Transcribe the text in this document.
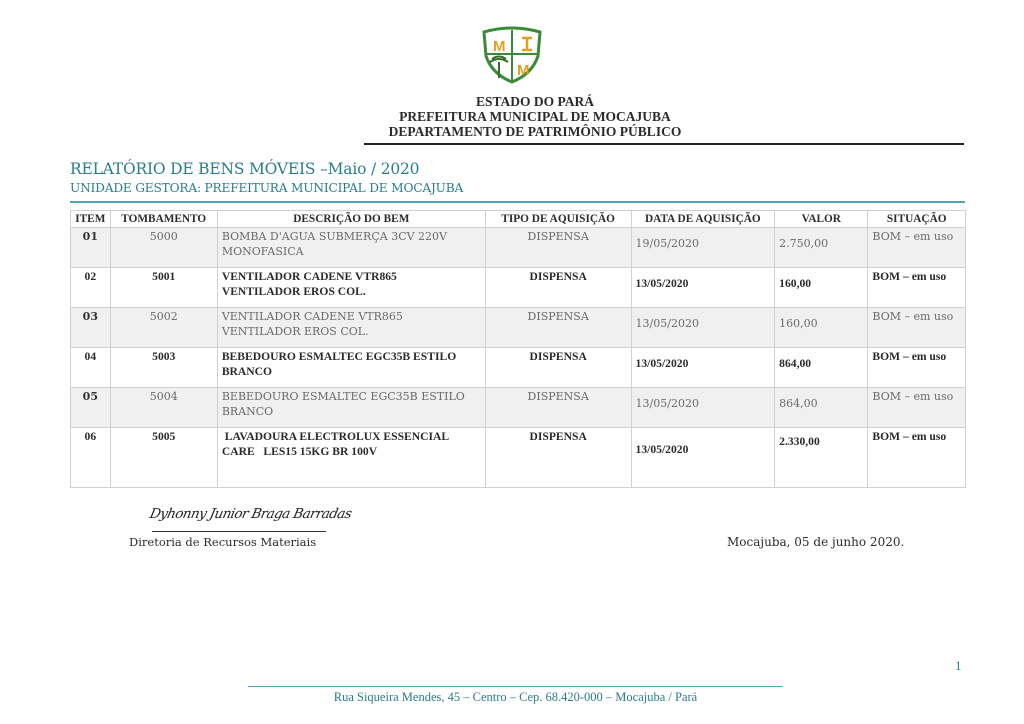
M
M
ESTADO DO PARÁ
PREFEITURA MUNICIPAL DE MOCAJUBA
DEPARTAMENTO DE PATRIMÔNIO PÚBLICO
RELATÓRIO DE BENS MÓVEIS –Maio / 2020
UNIDADE GESTORA: PREFEITURA MUNICIPAL DE MOCAJUBA
ITEM	TOMBAMENTO	DESCRIÇÃO DO BEM	TIPO DE AQUISIÇÃO	DATA DE AQUISIÇÃO	VALOR	SITUAÇÃO
01	5000	BOMBA D'AGUA SUBMERÇA 3CV 220V
MONOFASICA	DISPENSA	19/05/2020	2.750,00	BOM – em uso
02	5001	VENTILADOR CADENE VTR865
VENTILADOR EROS COL.	DISPENSA	13/05/2020	160,00	BOM – em uso
03	5002	VENTILADOR CADENE VTR865
VENTILADOR EROS COL.	DISPENSA	13/05/2020	160,00	BOM – em uso
04	5003	BEBEDOURO ESMALTEC EGC35B ESTILO
BRANCO	DISPENSA	13/05/2020	864,00	BOM – em uso
05	5004	BEBEDOURO ESMALTEC EGC35B ESTILO
BRANCO	DISPENSA	13/05/2020	864,00	BOM – em uso
06	5005	LAVADOURA ELECTROLUX ESSENCIAL
CARE   LES15 15KG BR 100V	DISPENSA	13/05/2020	2.330,00	BOM – em uso
Dyhonny Junior Braga Barradas
Diretoria de Recursos Materiais	Mocajuba, 05 de junho 2020.
1
Rua Siqueira Mendes, 45 – Centro – Cep. 68.420-000 – Mocajuba / Pará
